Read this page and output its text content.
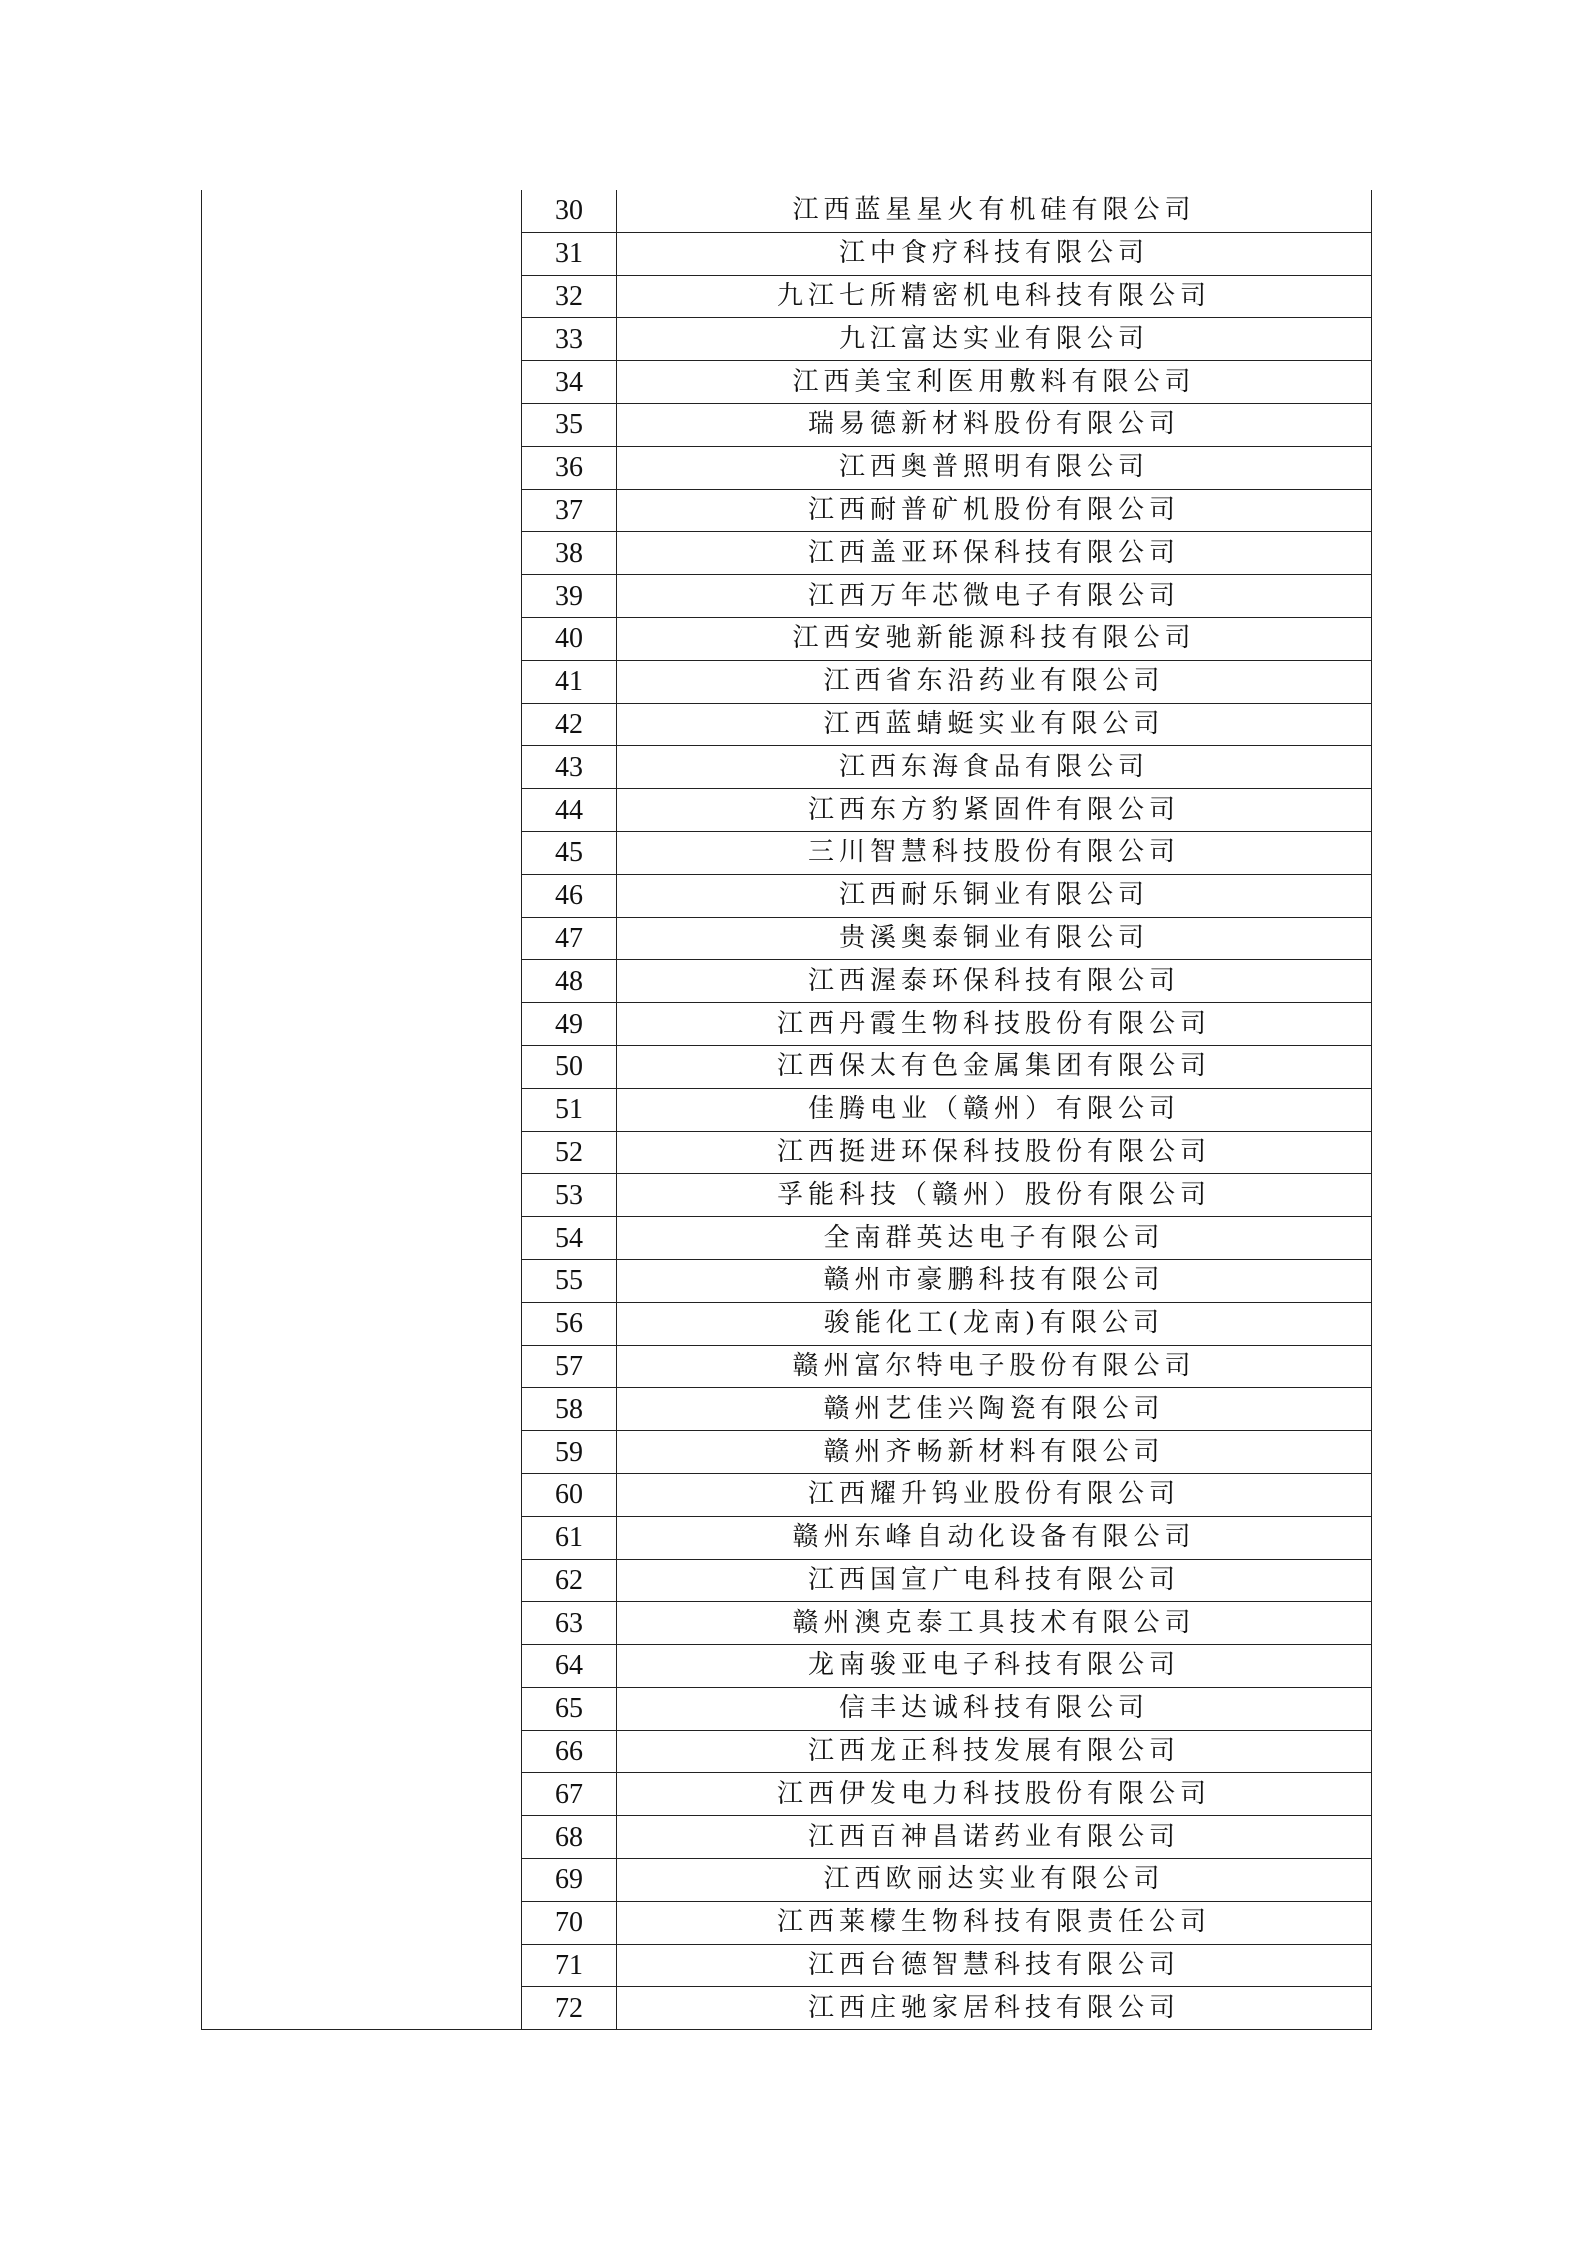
30	江西蓝星星火有机硅有限公司
31	江中食疗科技有限公司
32	九江七所精密机电科技有限公司
33	九江富达实业有限公司
34	江西美宝利医用敷料有限公司
35	瑞易德新材料股份有限公司
36	江西奥普照明有限公司
37	江西耐普矿机股份有限公司
38	江西盖亚环保科技有限公司
39	江西万年芯微电子有限公司
40	江西安驰新能源科技有限公司
41	江西省东沿药业有限公司
42	江西蓝蜻蜓实业有限公司
43	江西东海食品有限公司
44	江西东方豹紧固件有限公司
45	三川智慧科技股份有限公司
46	江西耐乐铜业有限公司
47	贵溪奥泰铜业有限公司
48	江西渥泰环保科技有限公司
49	江西丹霞生物科技股份有限公司
50	江西保太有色金属集团有限公司
51	佳腾电业（赣州）有限公司
52	江西挺进环保科技股份有限公司
53	孚能科技（赣州）股份有限公司
54	全南群英达电子有限公司
55	赣州市豪鹏科技有限公司
56	骏能化工(龙南)有限公司
57	赣州富尔特电子股份有限公司
58	赣州艺佳兴陶瓷有限公司
59	赣州齐畅新材料有限公司
60	江西耀升钨业股份有限公司
61	赣州东峰自动化设备有限公司
62	江西国宣广电科技有限公司
63	赣州澳克泰工具技术有限公司
64	龙南骏亚电子科技有限公司
65	信丰达诚科技有限公司
66	江西龙正科技发展有限公司
67	江西伊发电力科技股份有限公司
68	江西百神昌诺药业有限公司
69	江西欧丽达实业有限公司
70	江西莱檬生物科技有限责任公司
71	江西台德智慧科技有限公司
72	江西庄驰家居科技有限公司
